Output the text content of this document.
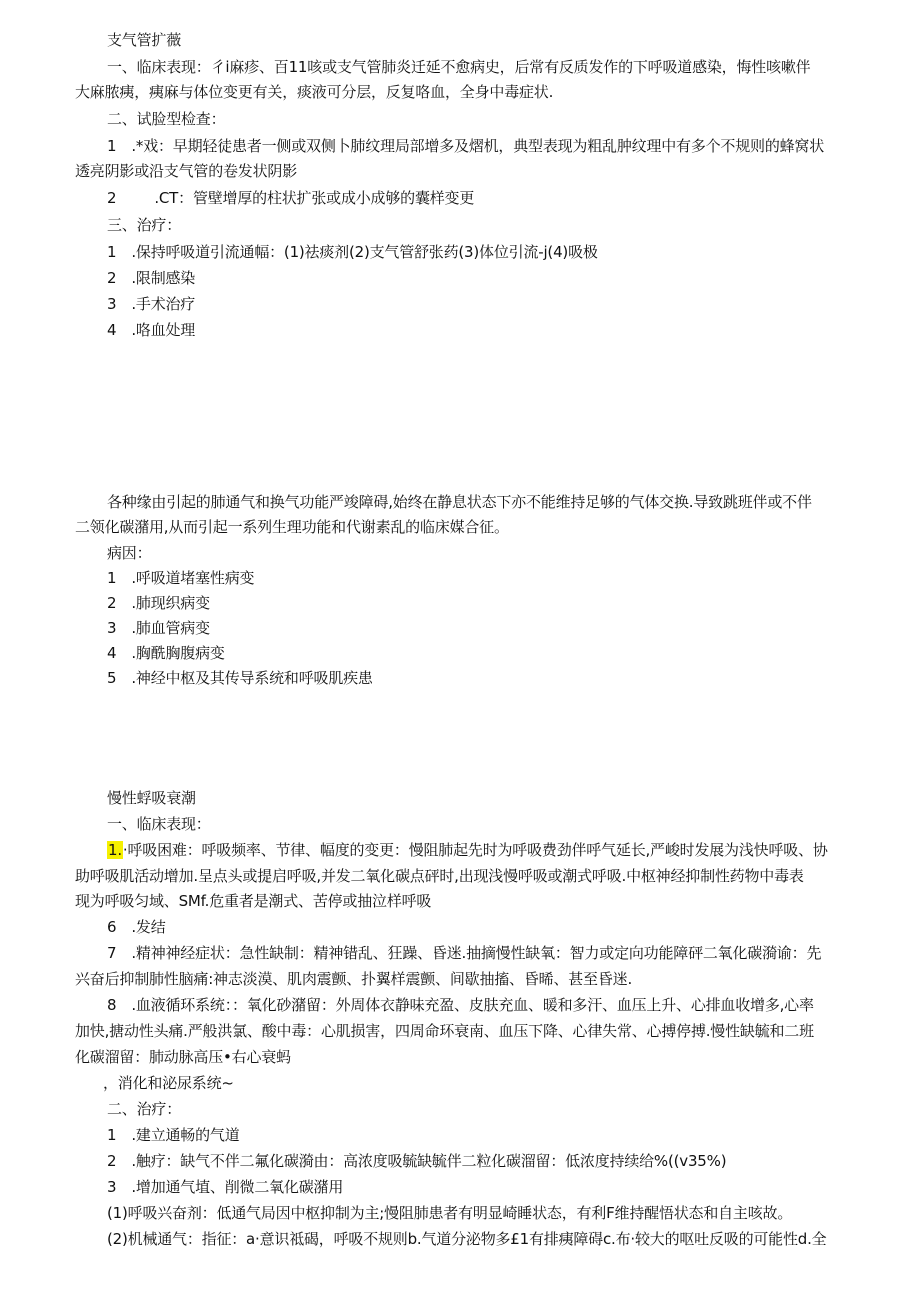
支气管扩薇
一、临床表现：彳i麻疹、百11咳或支气管肺炎迁延不愈病史，后常有反质发作的下呼吸道感染，悔性咳嗽伴
大麻脓痍，痍麻与体位变更有关，痰液可分层，反复咯血，全身中毒症状.
二、试脸型检查：
1 .*戏：早期轻徒患者一侧或双侧卜肺纹理局部增多及熠机，典型表现为粗乱肿纹理中有多个不规则的蜂窝状
透亮阴影或沿支气管的卷发状阴影
2	.CT：管壁增厚的柱状扩张或成小成够的囊样变更
三、治疗：
1 .保持呼吸道引流通幅：(1)祛痰剂(2)支气管舒张药(3)体位引流-j(4)吸极
2 .限制感染
3 .手术治疗
4 .咯血处理
各种缘由引起的肺通气和换气功能严竣障碍,始终在静息状态下亦不能维持足够的气体交换.导致跳班伴或不伴
二领化碳潴用,从而引起一系列生理功能和代谢素乱的临床媒合征。
病因：
1 .呼吸道堵塞性病变
2 .肺现织病变
3 .肺血管病变
4 .胸酰胸腹病变
5 .神经中枢及其传导系统和呼吸肌疾患
慢性蜉吸衰潮
一、临床表现：
1.·呼吸困难：呼吸频率、节律、幅度的变更：慢阻肺起先时为呼吸费劲伴呼气延长,严峻时发展为浅快呼吸、协
助呼吸肌活动增加.呈点头或提启呼吸,并发二氧化碳点砰时,出现浅慢呼吸或潮式呼吸.中枢神经抑制性药物中毒表
现为呼吸匀域、SMf.危重者是潮式、苦停或抽泣样呼吸
6 .发结
7 .精神神经症状：急性缺制：精神错乱、狂躁、昏迷.抽摘慢性缺氧：智力或定向功能障砰二氧化碳漪谕：先
兴奋后抑制肺性脑痛:神志淡漠、肌肉震颤、扑翼样震颤、间歇抽搐、昏晞、甚至昏迷.
8 .血液循环系统：：氧化砂潴留：外周体衣静味充盈、皮肤充血、暖和多汗、血压上升、心排血收增多,心率
加快,搪动性头痛.严般洪氯、酸中毒：心肌损害，四周命环衰南、血压下降、心律失常、心搏停搏.慢性缺毓和二班
化碳溜留：肺动脉高压•右心衰蚂
，消化和泌尿系统~
二、治疗：
1 .建立通畅的气道
2 .触疗：缺气不伴二氟化碳漪由：高浓度吸毓缺毓伴二粒化碳溜留：低浓度持续给%((v35%)
3 .增加通气埴、削微二氧化碳潴用
(1)呼吸兴奋剂：低通气局因中枢抑制为主;慢阻肺患者有明显崎睡状态，有利F维持醒悟状态和自主咳故。
(2)机械通气：指征：a·意识祗碣，呼吸不规则b.气道分泌物多£1有排痍障碍c.布·较大的呕吐反吸的可能性d.全
